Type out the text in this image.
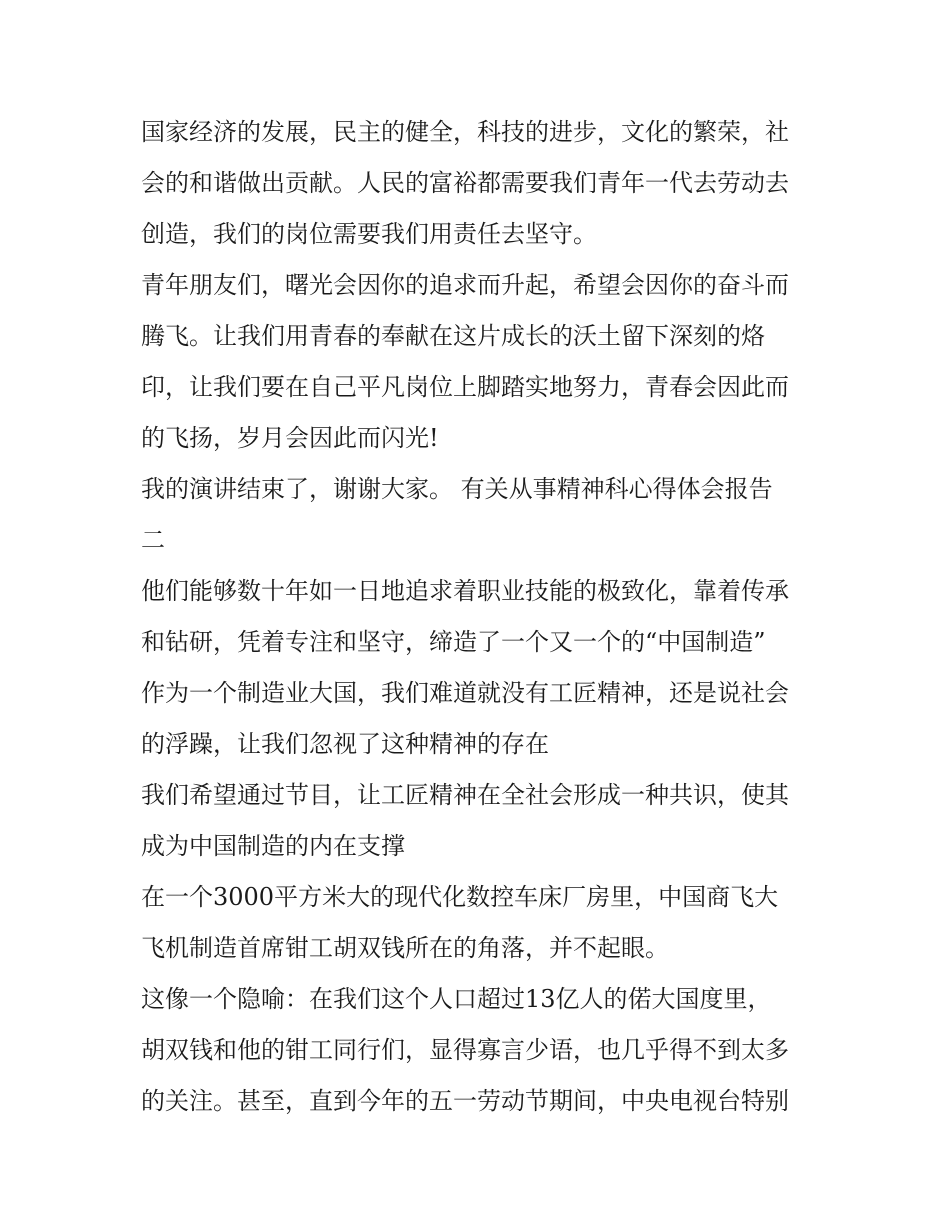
国家经济的发展，民主的健全，科技的进步，文化的繁荣，社
会的和谐做出贡献。人民的富裕都需要我们青年一代去劳动去
创造，我们的岗位需要我们用责任去坚守。
青年朋友们，曙光会因你的追求而升起，希望会因你的奋斗而
腾飞。让我们用青春的奉献在这片成长的沃土留下深刻的烙
印，让我们要在自己平凡岗位上脚踏实地努力，青春会因此而
的飞扬，岁月会因此而闪光!
我的演讲结束了，谢谢大家。 有关从事精神科心得体会报告
二
他们能够数十年如一日地追求着职业技能的极致化，靠着传承
和钻研，凭着专注和坚守，缔造了一个又一个的“中国制造”
作为一个制造业大国，我们难道就没有工匠精神，还是说社会
的浮躁，让我们忽视了这种精神的存在
我们希望通过节目，让工匠精神在全社会形成一种共识，使其
成为中国制造的内在支撑
在一个3000平方米大的现代化数控车床厂房里，中国商飞大
飞机制造首席钳工胡双钱所在的角落，并不起眼。
这像一个隐喻：在我们这个人口超过13亿人的偌大国度里，
胡双钱和他的钳工同行们，显得寡言少语，也几乎得不到太多
的关注。甚至，直到今年的五一劳动节期间，中央电视台特别
